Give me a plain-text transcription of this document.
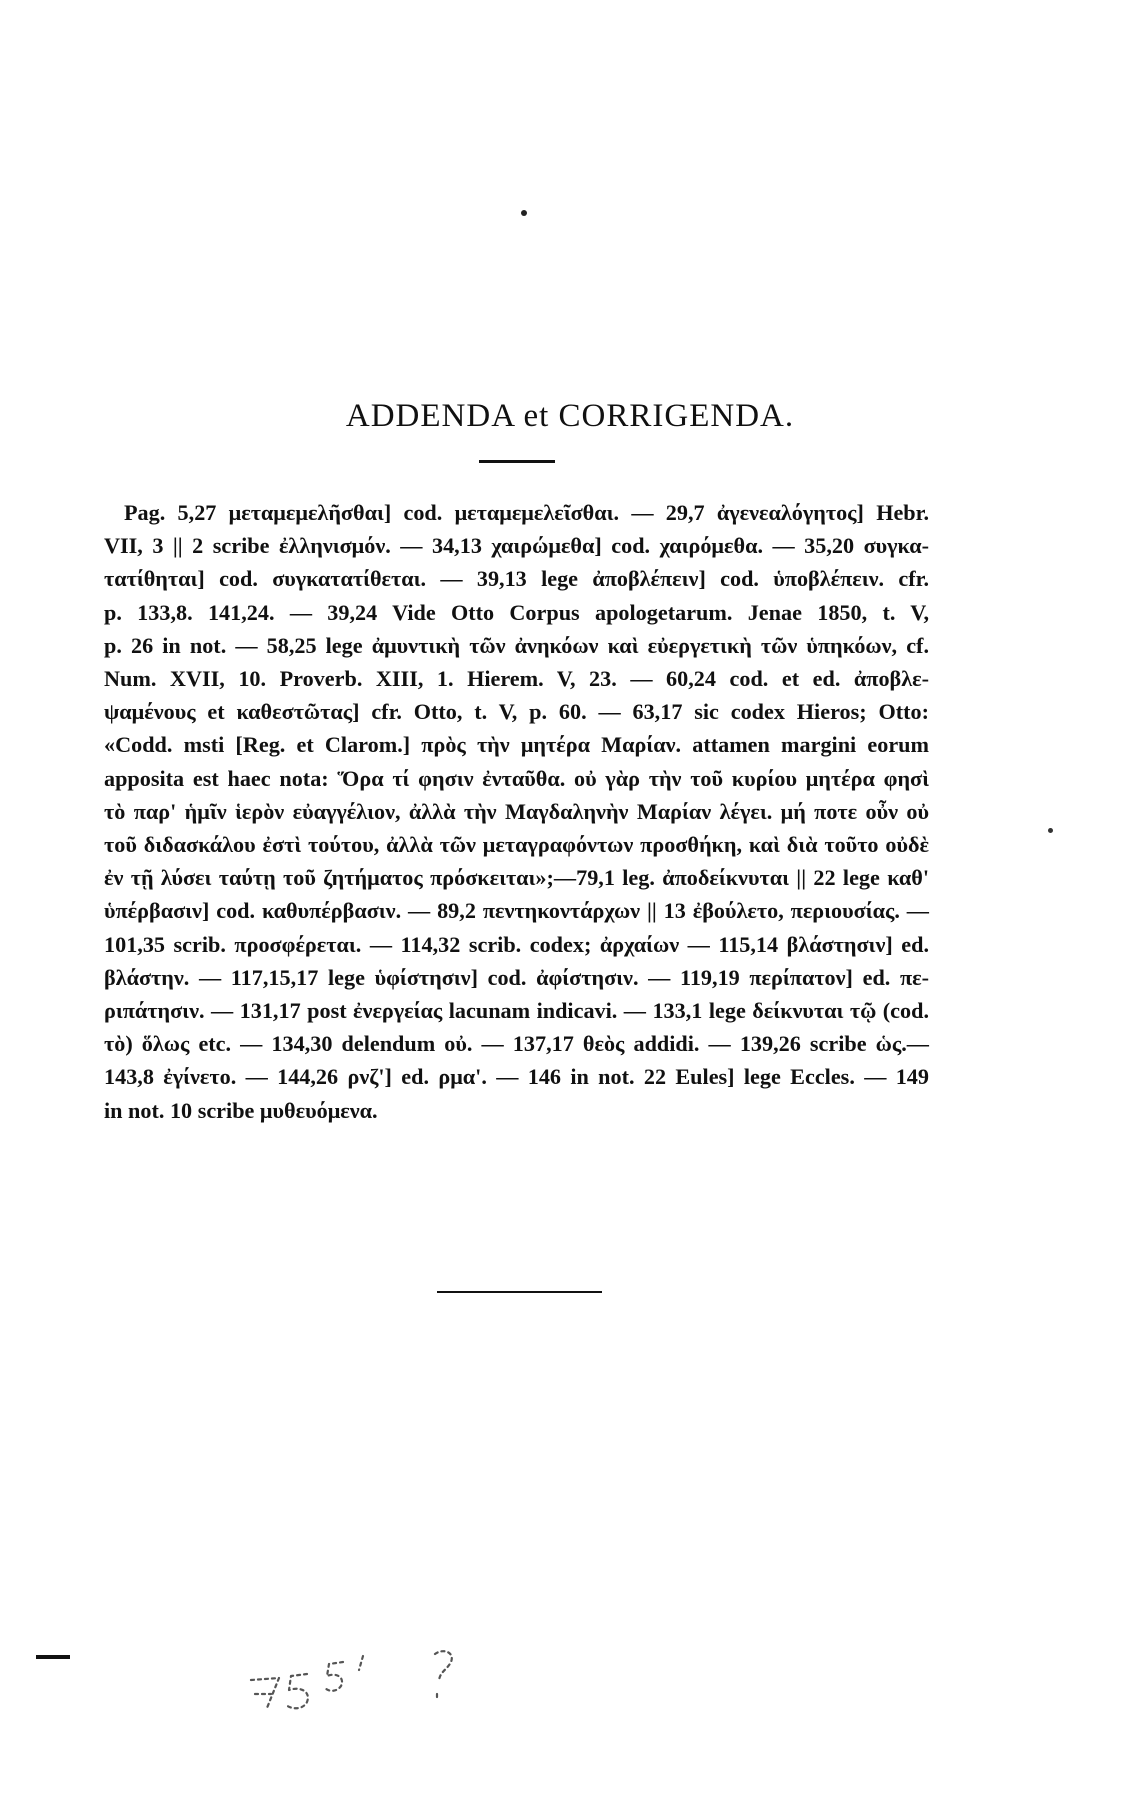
ADDENDA et CORRIGENDA.
Pag. 5,27 μεταμεμελῆσθαι] cod. μεταμεμελεῖσθαι. — 29,7 ἀγενεαλόγητος] Hebr.
VII, 3 || 2 scribe ἐλληνισμόν. — 34,13 χαιρώμεθα] cod. χαιρόμεθα. — 35,20 συγκα-
τατίθηται] cod. συγκατατίθεται. — 39,13 lege ἀποβλέπειν] cod. ὑποβλέπειν. cfr.
p. 133,8. 141,24. — 39,24 Vide Otto Corpus apologetarum. Jenae 1850, t. V,
p. 26 in not. — 58,25 lege ἀμυντικὴ τῶν ἀνηκόων καὶ εὐεργετικὴ τῶν ὑπηκόων, cf.
Num. XVII, 10. Proverb. XIII, 1. Hierem. V, 23. — 60,24 cod. et ed. ἀποβλε-
ψαμένους et καθεστῶτας] cfr. Otto, t. V, p. 60. — 63,17 sic codex Hieros; Otto:
«Codd. msti [Reg. et Clarom.] πρὸς τὴν μητέρα Μαρίαν. attamen margini eorum
apposita est haec nota: Ὅρα τί φησιν ἐνταῦθα. οὐ γὰρ τὴν τοῦ κυρίου μητέρα φησὶ
τὸ παρ' ἡμῖν ἱερὸν εὐαγγέλιον, ἀλλὰ τὴν Μαγδαληνὴν Μαρίαν λέγει. μή ποτε οὖν οὐ
τοῦ διδασκάλου ἐστὶ τούτου, ἀλλὰ τῶν μεταγραφόντων προσθήκη, καὶ διὰ τοῦτο οὐδὲ
ἐν τῇ λύσει ταύτῃ τοῦ ζητήματος πρόσκειται»;—79,1 leg. ἀποδείκνυται || 22 lege καθ'
ὑπέρβασιν] cod. καθυπέρβασιν. — 89,2 πεντηκοντάρχων || 13 ἐβούλετο, περιουσίας. —
101,35 scrib. προσφέρεται. — 114,32 scrib. codex; ἀρχαίων — 115,14 βλάστησιν] ed.
βλάστην. — 117,15,17 lege ὑφίστησιν] cod. ἀφίστησιν. — 119,19 περίπατον] ed. πε-
ριπάτησιν. — 131,17 post ἐνεργείας lacunam indicavi. — 133,1 lege δείκνυται τῷ (cod.
τὸ) ὅλως etc. — 134,30 delendum οὐ. — 137,17 θεὸς addidi. — 139,26 scribe ὡς.—
143,8 ἐγίνετο. — 144,26 ρνζ'] ed. ρμα'. — 146 in not. 22 Eules] lege Eccles. — 149
in not. 10 scribe μυθευόμενα.
